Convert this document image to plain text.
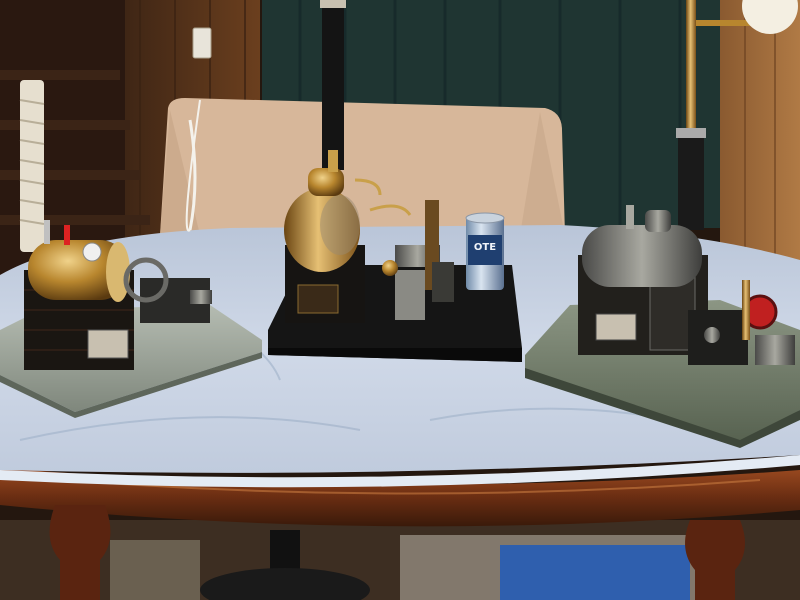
OTE
